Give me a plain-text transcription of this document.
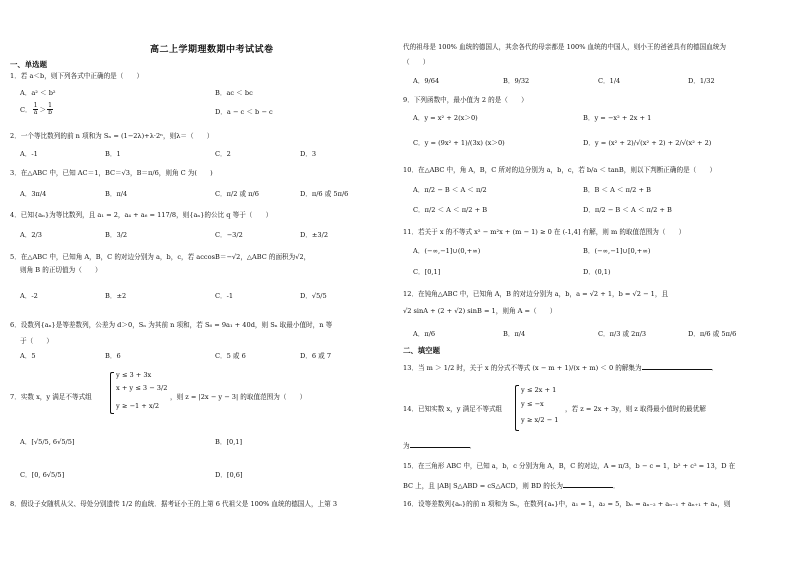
高二上学期理数期中考试试卷
一、单选题
1．若 a＜b，则下列各式中正确的是（　　）
A．a² ＜ b²	B．ac ＜ bc
C． $\frac{1}{a} > \frac{1}{b}$	D．a − c ＜ b − c
2．一个等比数列的前 n 项和为 Sₙ = (1−2λ)+λ·2ⁿ，则λ＝（　　）
A．-1	B．1	C．2	D．3
3．在△ABC 中，已知 AC＝1，BC＝√3，B＝π/6，则角 C 为(　　)
A．3π/4	B．π/4	C．π/2 或 π/6	D．π/6 或 5π/6
4．已知{aₙ}为等比数列，且 a₁ = 2，a₄ + a₆ = 117/8，则{aₙ}的公比 q 等于（　　）
A．2/3	B．3/2	C．−3/2	D．±3/2
5．在△ABC 中，已知角 A，B，C 的对边分别为 a，b，c，若 accosB＝−√2，△ABC 的面积为√2，
则角 B 的正切值为（　　）
A．-2	B．±2	C．-1	D．√5/5
6．设数列{aₙ}是等差数列，公差为 d＞0，Sₙ 为其前 n 项和，若 S₆ = 9a₁ + 40d，则 Sₙ 取最小值时，n 等
于（　　）
A．5	B．6	C．5 或 6	D．6 或 7
7．实数 x，y 满足不等式组
y ≤ 3 + 3x
x + y ≤ 3 − 3/2
y ≥ −1 + x/2
，则 z = |2x − y − 3| 的取值范围为（　　）
A．[√5/5, 6√5/5]	B．[0,1]
C．[0, 6√5/5]	D．[0,6]
8．假设子女随机从父、母处分别遗传 1/2 的血统．据考证小王的上第 6 代祖父是 100% 血统的德国人，上第 3
代的祖母是 100% 血统的德国人，其余各代的母亲都是 100% 血统的中国人，则小王的爸爸具有的德国血统为
（　　）
A．9/64	B．9/32	C．1/4	D．1/32
9．下列函数中，最小值为 2 的是（　　）
A．y = x² + 2(x＞0)	B．y = −x² + 2x + 1
C．y = (9x² + 1)/(3x) (x＞0)	D．y = (x² + 2)/√(x² + 2) + 2/√(x² + 2)
10．在△ABC 中，角 A，B，C 所对的边分别为 a，b，c，若 b/a ＜ tanB，则以下判断正确的是（　　）
A．π/2 − B ＜ A ＜ π/2	B．B ＜ A ＜ π/2 + B
C．π/2 ＜ A ＜ π/2 + B	D．π/2 − B ＜ A ＜ π/2 + B
11．若关于 x 的不等式 x² − m²x + (m − 1) ≥ 0 在 (-1,4] 有解，则 m 的取值范围为（　　）
A．(−∞,−1]∪(0,+∞)	B．(−∞,−1]∪[0,+∞)
C．[0,1]	D．(0,1)
12．在钝角△ABC 中，已知角 A，B 的对边分别为 a，b，a = √2 + 1，b = √2 − 1，且
√2 sinA + (2 + √2) sinB = 1，则角 A =（　　）
A．π/6	B．π/4	C．π/3 或 2π/3	D．π/6 或 5π/6
二、填空题
13．当 m ＞ 1/2 时，关于 x 的分式不等式 (x − m + 1)/(x + m) ＜ 0 的解集为	．
14．已知实数 x，y 满足不等式组
y ≤ 2x + 1
y ≤ −x
y ≥ x/2 − 1
，若 z = 2x + 3y，则 z 取得最小值时的最优解
为	．
15．在三角形 ABC 中，已知 a，b，c 分别为角 A，B，C 的对边，A = π/3，b − c = 1，b² + c² = 13，D 在
BC 上，且 |AB| S△ABD = cS△ACD，则 BD 的长为	．
16．设等差数列{aₙ}的前 n 项和为 Sₙ，在数列{aₙ}中，a₁ = 1，a₂ = 5，bₙ = aₙ₋₂ + aₙ₋₁ + aₙ₊₁ + aₙ，则
